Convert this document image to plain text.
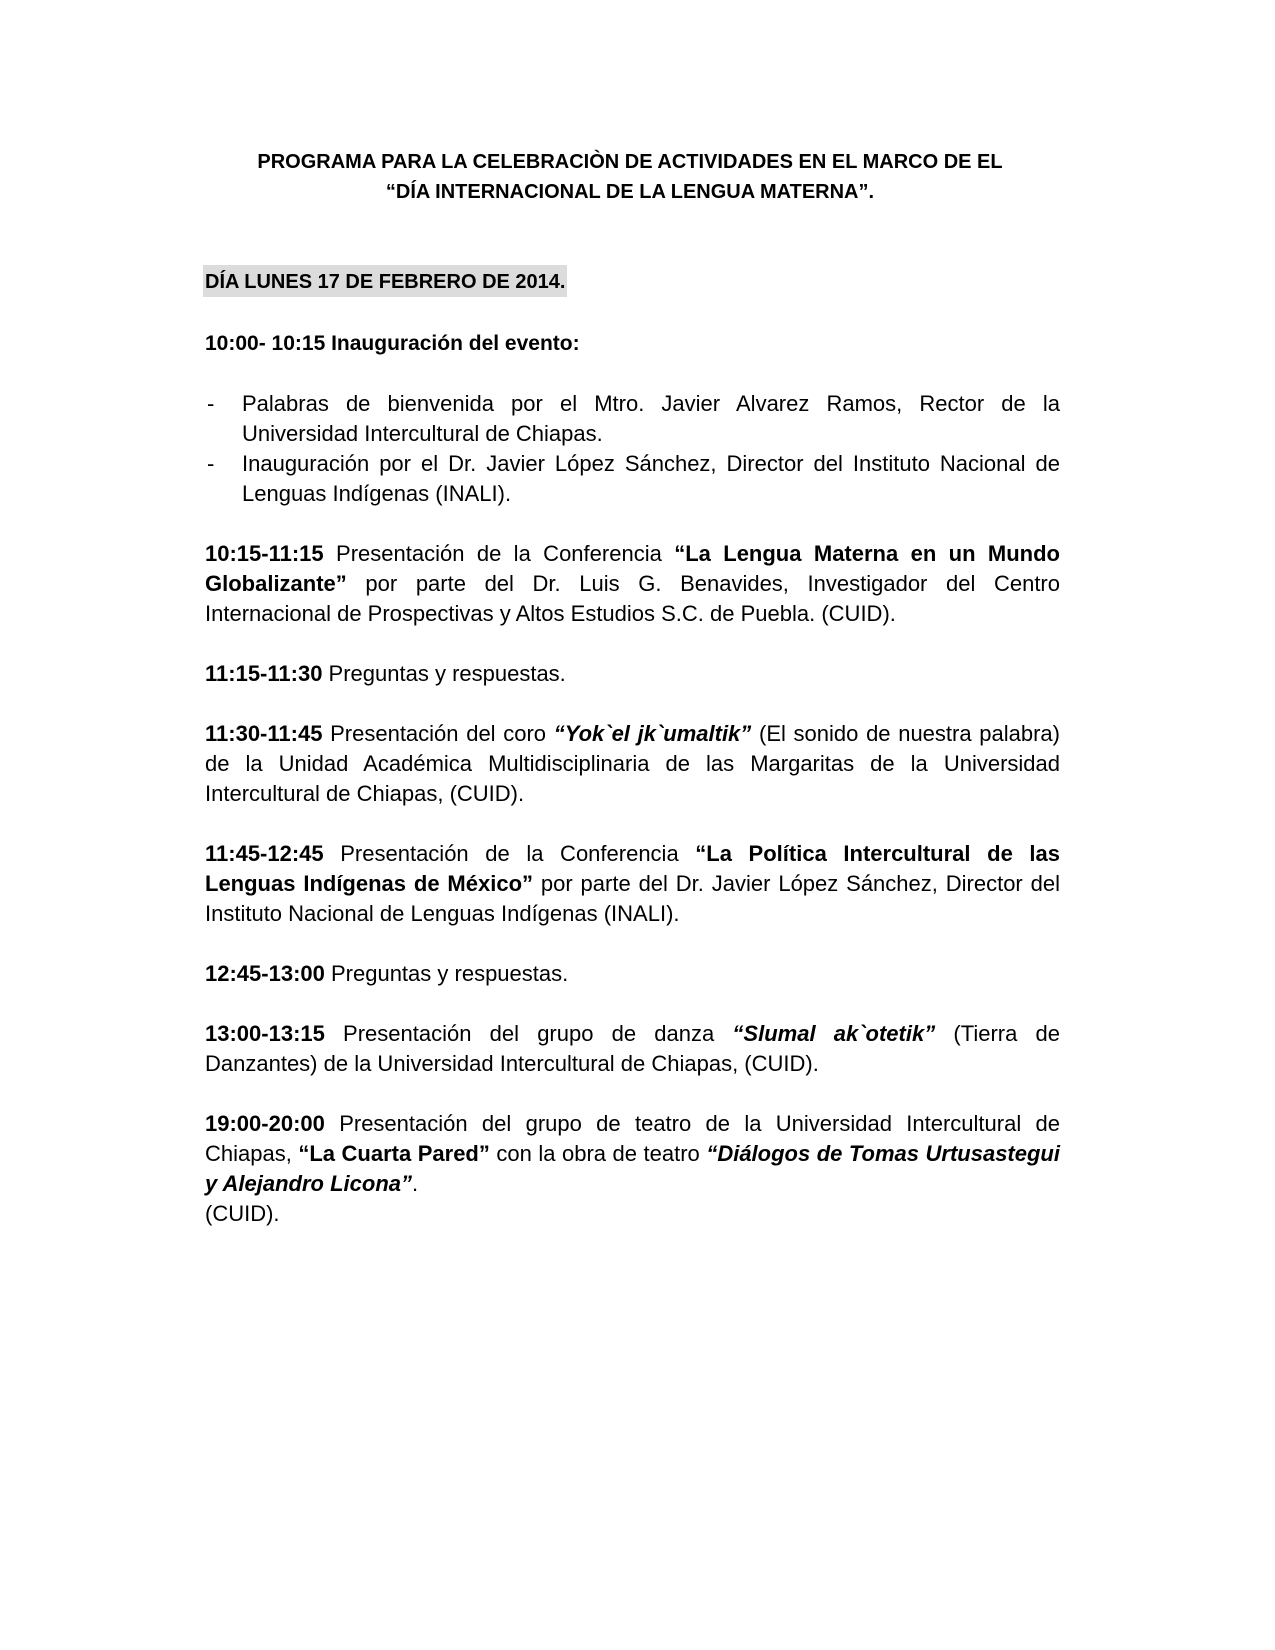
PROGRAMA PARA LA CELEBRACIÒN DE ACTIVIDADES EN EL MARCO DE EL
“DÍA INTERNACIONAL DE LA LENGUA MATERNA”.
DÍA LUNES 17 DE FEBRERO DE 2014.
10:00- 10:15 Inauguración del evento:
- Palabras de bienvenida por el Mtro. Javier Alvarez Ramos, Rector de la Universidad Intercultural de Chiapas.
- Inauguración por el Dr. Javier López Sánchez, Director del Instituto Nacional de Lenguas Indígenas (INALI).

10:15-11:15 Presentación de la Conferencia “La Lengua Materna en un Mundo Globalizante” por parte del Dr. Luis G. Benavides, Investigador del Centro Internacional de Prospectivas y Altos Estudios S.C. de Puebla. (CUID).

11:15-11:30 Preguntas y respuestas.

11:30-11:45 Presentación del coro “Yok`el jk`umaltik” (El sonido de nuestra palabra) de la Unidad Académica Multidisciplinaria de las Margaritas de la Universidad Intercultural de Chiapas, (CUID).

11:45-12:45 Presentación de la Conferencia “La Política Intercultural de las Lenguas Indígenas de México” por parte del Dr. Javier López Sánchez, Director del Instituto Nacional de Lenguas Indígenas (INALI).

12:45-13:00 Preguntas y respuestas.

13:00-13:15 Presentación del grupo de danza “Slumal ak`otetik” (Tierra de Danzantes) de la Universidad Intercultural de Chiapas, (CUID).

19:00-20:00 Presentación del grupo de teatro de la Universidad Intercultural de Chiapas, “La Cuarta Pared” con la obra de teatro “Diálogos de Tomas Urtusastegui y Alejandro Licona”.
(CUID).
